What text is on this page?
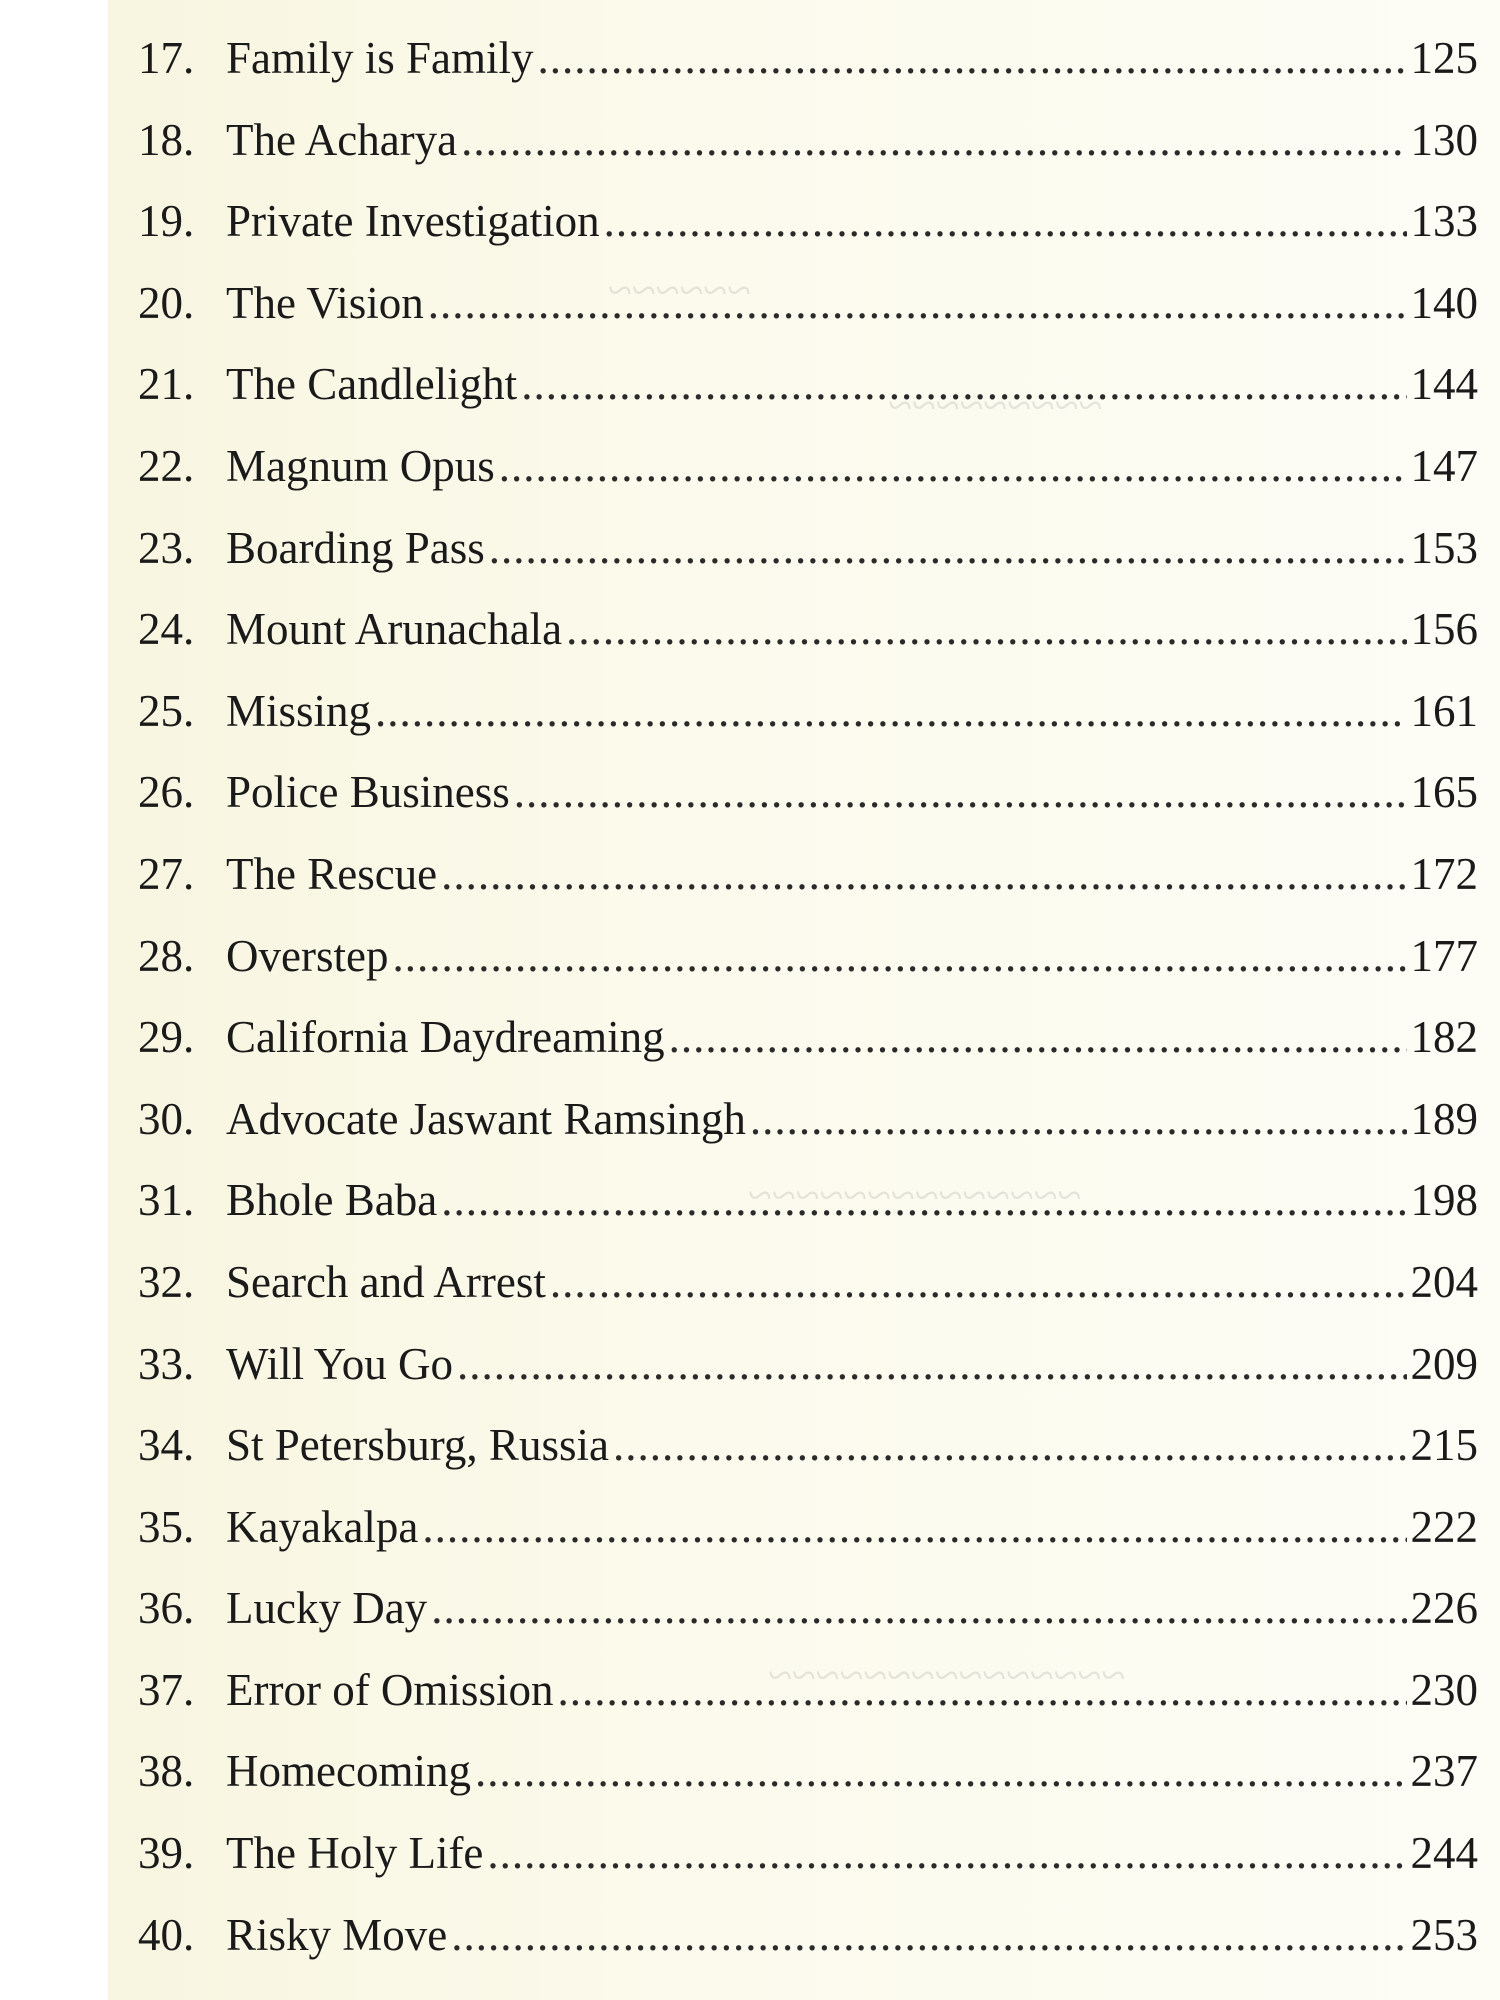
~~~~~~
~~~~~~~~~
~~~~~~~~~~~~~~
~~~~~~~~~~~~~~~
17. Family is Family .....	125
18. The Acharya .....	130
19. Private Investigation .....	133
20. The Vision .....	140
21. The Candlelight .....	144
22. Magnum Opus .....	147
23. Boarding Pass .....	153
24. Mount Arunachala .....	156
25. Missing .....	161
26. Police Business .....	165
27. The Rescue .....	172
28. Overstep .....	177
29. California Daydreaming .....	182
30. Advocate Jaswant Ramsingh .....	189
31. Bhole Baba .....	198
32. Search and Arrest .....	204
33. Will You Go .....	209
34. St Petersburg, Russia .....	215
35. Kayakalpa .....	222
36. Lucky Day .....	226
37. Error of Omission .....	230
38. Homecoming .....	237
39. The Holy Life .....	244
40. Risky Move .....	253
